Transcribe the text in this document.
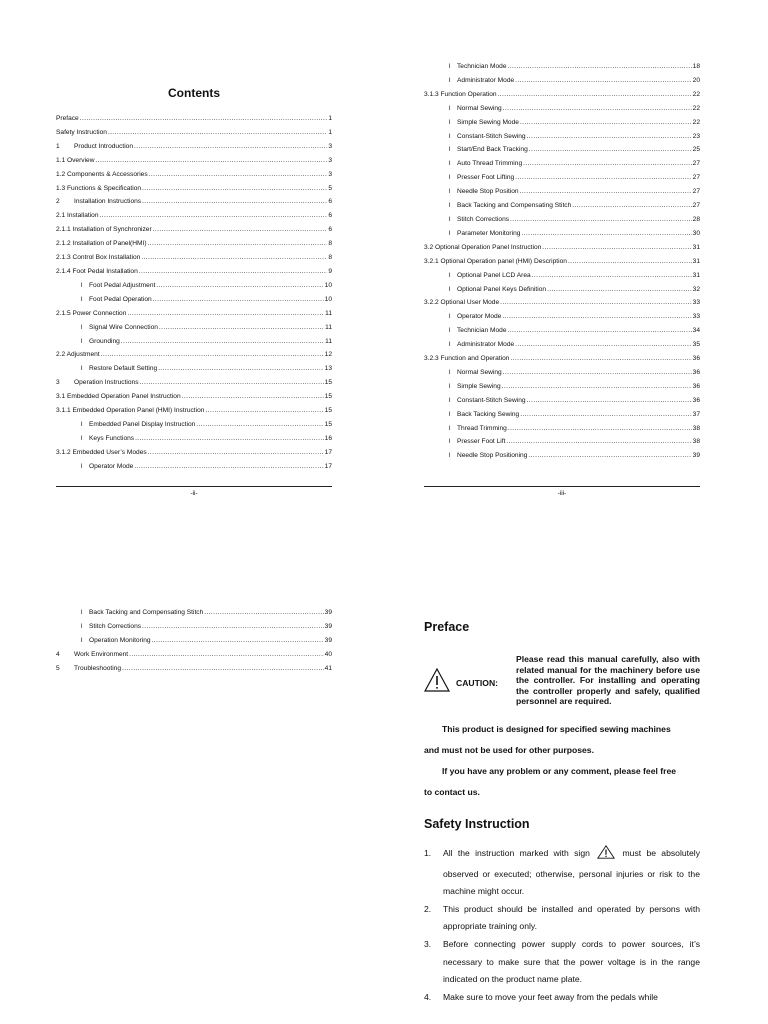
Contents
Preface .....	1
Safety Instruction .....	1
1 Product Introduction .....	3
1.1 Overview .....	3
1.2 Components & Accessories .....	3
1.3 Functions & Specification .....	5
2 Installation Instructions .....	6
2.1 Installation .....	6
2.1.1 Installation of Synchronizer .....	6
2.1.2 Installation of Panel(HMI) .....	8
2.1.3 Control Box Installation .....	8
2.1.4 Foot Pedal Installation .....	9
l Foot Pedal Adjustment .....	10
l Foot Pedal Operation .....	10
2.1.5 Power Connection .....	11
l Signal Wire Connection .....	11
l Grounding .....	11
2.2 Adjustment .....	12
l Restore Default Setting .....	13
3 Operation Instructions .....	15
3.1 Embedded Operation Panel Instruction .....	15
3.1.1 Embedded Operation Panel (HMI) Instruction .....	15
l Embedded Panel Display Instruction .....	15
l Keys Functions .....	16
3.1.2 Embedded User’s Modes .....	17
l Operator Mode .....	17
-ii-
l Technician Mode .....	18
l Administrator Mode .....	20
3.1.3 Function Operation .....	22
l Normal Sewing .....	22
l Simple Sewing Mode .....	22
l Constant-Stitch Sewing .....	23
l Start/End Back Tracking .....	25
l Auto Thread Trimming .....	27
l Presser Foot Lifting .....	27
l Needle Stop Position .....	27
l Back Tacking and Compensating Stitch .....	27
l Stitch Corrections .....	28
l Parameter Monitoring .....	30
3.2 Optional Operation Panel Instruction .....	31
3.2.1 Optional Operation panel (HMI) Description .....	31
l Optional Panel LCD Area .....	31
l Optional Panel Keys Definition .....	32
3.2.2 Optional User Mode .....	33
l Operator Mode .....	33
l Technician Mode .....	34
l Administrator Mode .....	35
3.2.3 Function and Operation .....	36
l Normal Sewing .....	36
l Simple Sewing .....	36
l Constant-Stitch Sewing .....	36
l Back Tacking Sewing .....	37
l Thread Trimming .....	38
l Presser Foot Lift .....	38
l Needle Stop Positioning .....	39
-iii-
l Back Tacking and Compensating Stitch .....	39
l Stitch Corrections .....	39
l Operation Monitoring .....	39
4 Work Environment .....	40
5 Troubleshooting .....	41
Preface
CAUTION:
Please read this manual carefully, also with related manual for the machinery before use the controller. For installing and operating the controller properly and safely, qualified personnel are required.

This product is designed for specified sewing machines

and must not be used for other purposes.

If you have any problem or any comment, please feel free

to contact us.

Safety Instruction
1.	All the instruction marked with sign	must be absolutely observed or executed; otherwise, personal injuries or risk to the machine might occur.
2.	This product should be installed and operated by persons with appropriate training only.
3.	Before connecting power supply cords to power sources, it’s necessary to make sure that the power voltage is in the range indicated on the product name plate.
4.	Make sure to move your feet away from the pedals while
